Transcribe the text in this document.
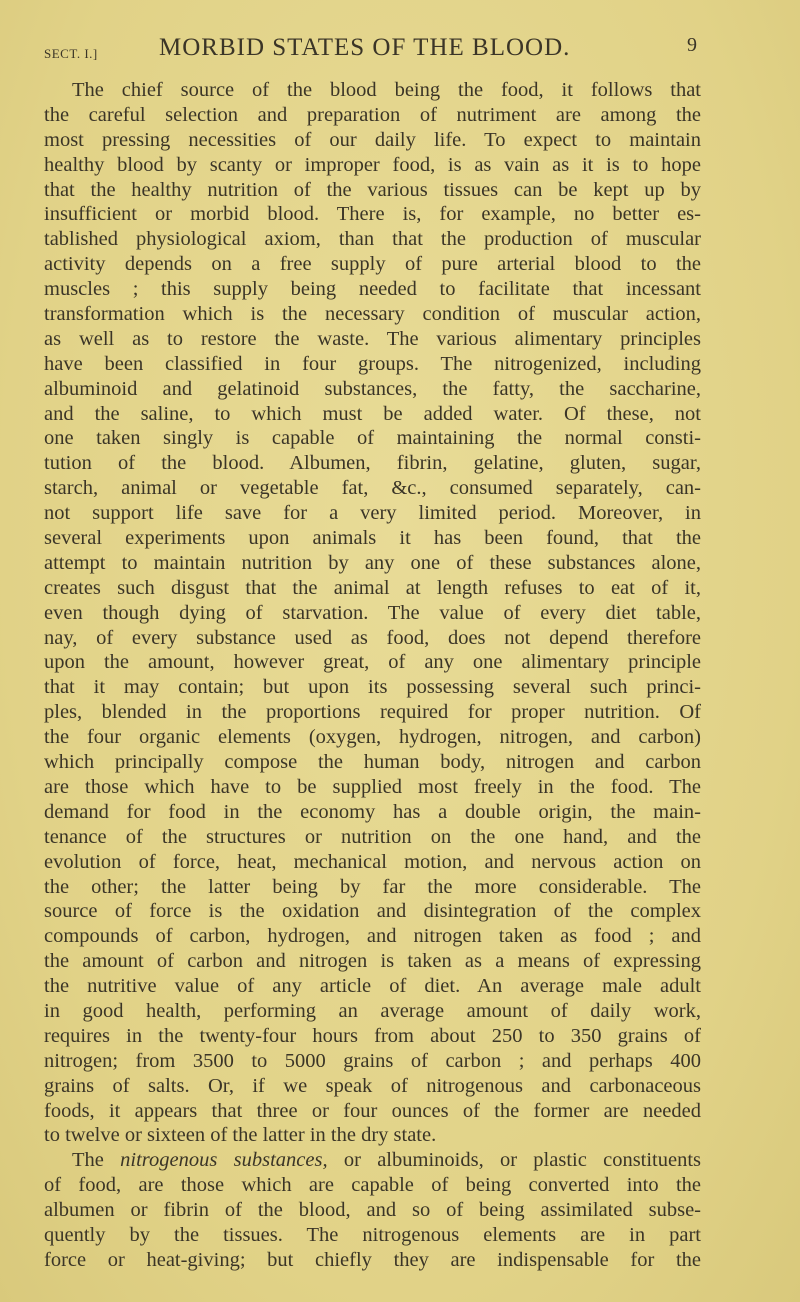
SECT. I.] MORBID STATES OF THE BLOOD.	9
The chief source of the blood being the food, it follows that
the careful selection and preparation of nutriment are among the
most pressing necessities of our daily life. To expect to maintain
healthy blood by scanty or improper food, is as vain as it is to hope
that the healthy nutrition of the various tissues can be kept up by
insufficient or morbid blood. There is, for example, no better es-
tablished physiological axiom, than that the production of muscular
activity depends on a free supply of pure arterial blood to the
muscles ; this supply being needed to facilitate that incessant
transformation which is the necessary condition of muscular action,
as well as to restore the waste. The various alimentary principles
have been classified in four groups. The nitrogenized, including
albuminoid and gelatinoid substances, the fatty, the saccharine,
and the saline, to which must be added water. Of these, not
one taken singly is capable of maintaining the normal consti-
tution of the blood. Albumen, fibrin, gelatine, gluten, sugar,
starch, animal or vegetable fat, &c., consumed separately, can-
not support life save for a very limited period. Moreover, in
several experiments upon animals it has been found, that the
attempt to maintain nutrition by any one of these substances alone,
creates such disgust that the animal at length refuses to eat of it,
even though dying of starvation. The value of every diet table,
nay, of every substance used as food, does not depend therefore
upon the amount, however great, of any one alimentary principle
that it may contain; but upon its possessing several such princi-
ples, blended in the proportions required for proper nutrition. Of
the four organic elements (oxygen, hydrogen, nitrogen, and carbon)
which principally compose the human body, nitrogen and carbon
are those which have to be supplied most freely in the food. The
demand for food in the economy has a double origin, the main-
tenance of the structures or nutrition on the one hand, and the
evolution of force, heat, mechanical motion, and nervous action on
the other; the latter being by far the more considerable. The
source of force is the oxidation and disintegration of the complex
compounds of carbon, hydrogen, and nitrogen taken as food ; and
the amount of carbon and nitrogen is taken as a means of expressing
the nutritive value of any article of diet. An average male adult
in good health, performing an average amount of daily work,
requires in the twenty-four hours from about 250 to 350 grains of
nitrogen; from 3500 to 5000 grains of carbon ; and perhaps 400
grains of salts. Or, if we speak of nitrogenous and carbonaceous
foods, it appears that three or four ounces of the former are needed
to twelve or sixteen of the latter in the dry state.
The nitrogenous substances, or albuminoids, or plastic constituents
of food, are those which are capable of being converted into the
albumen or fibrin of the blood, and so of being assimilated subse-
quently by the tissues. The nitrogenous elements are in part
force or heat-giving; but chiefly they are indispensable for the
